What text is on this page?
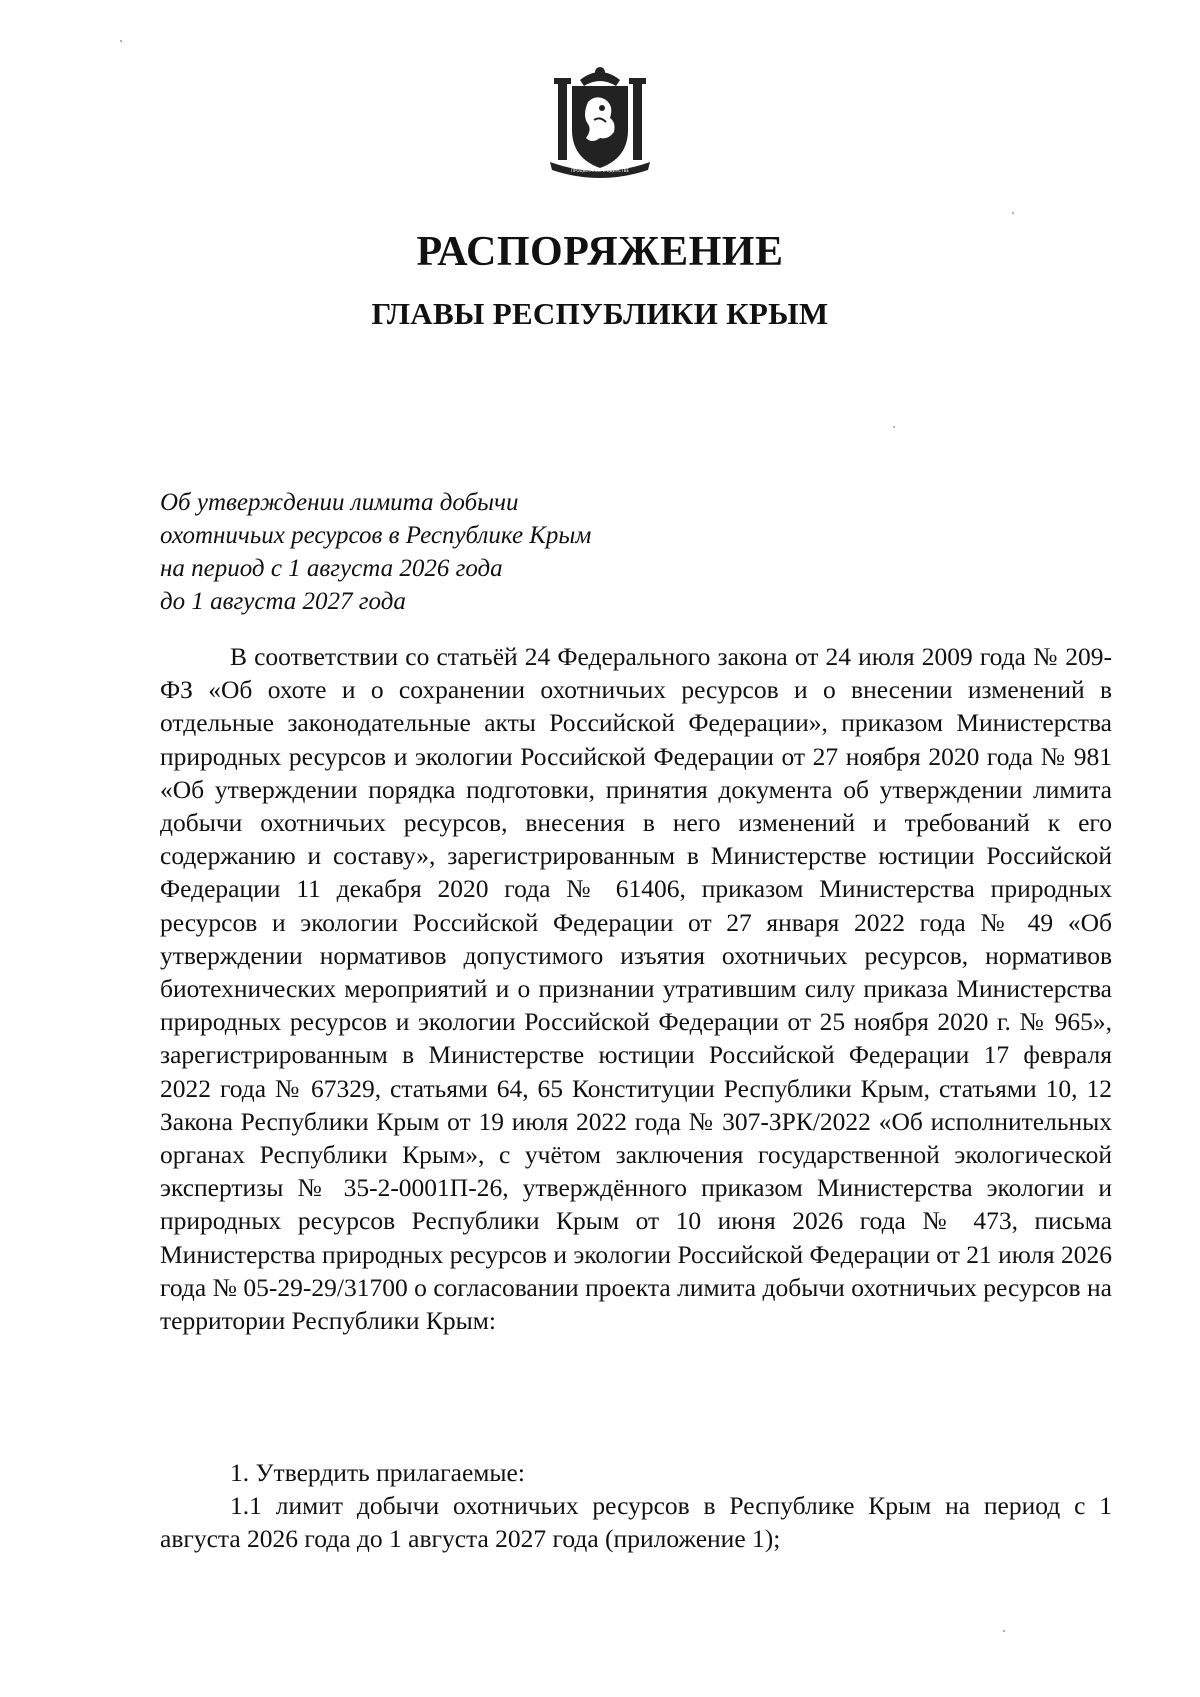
ПРОЦВЕТАНИЕ В ЕДИНСТВЕ
РАСПОРЯЖЕНИЕ
ГЛАВЫ РЕСПУБЛИКИ КРЫМ
Об утверждении лимита добычи
охотничьих ресурсов в Республике Крым
на период с 1 августа 2026 года
до 1 августа 2027 года

В соответствии со статьёй 24 Федерального закона от 24 июля 2009 года № 209-ФЗ «Об охоте и о сохранении охотничьих ресурсов и о внесении изменений в отдельные законодательные акты Российской Федерации», приказом Министерства природных ресурсов и экологии Российской Федерации от 27 ноября 2020 года № 981 «Об утверждении порядка подготовки, принятия документа об утверждении лимита добычи охотничьих ресурсов, внесения в него изменений и требований к его содержанию и составу», зарегистрированным в Министерстве юстиции Российской Федерации 11 декабря 2020 года № 61406, приказом Министерства природных ресурсов и экологии Российской Федерации от 27 января 2022 года № 49 «Об утверждении нормативов допустимого изъятия охотничьих ресурсов, нормативов биотехнических мероприятий и о признании утратившим силу приказа Министерства природных ресурсов и экологии Российской Федерации от 25 ноября 2020 г. № 965», зарегистрированным в Министерстве юстиции Российской Федерации 17 февраля 2022 года № 67329, статьями 64, 65 Конституции Республики Крым, статьями 10, 12 Закона Республики Крым от 19 июля 2022 года № 307-ЗРК/2022 «Об исполнительных органах Республики Крым», с учётом заключения государственной экологической экспертизы № 35-2-0001П-26, утверждённого приказом Министерства экологии и природных ресурсов Республики Крым от 10 июня 2026 года № 473, письма Министерства природных ресурсов и экологии Российской Федерации от 21 июля 2026 года № 05-29-29/31700 о согласовании проекта лимита добычи охотничьих ресурсов на территории Республики Крым:

1. Утвердить прилагаемые:

1.1 лимит добычи охотничьих ресурсов в Республике Крым на период с 1 августа 2026 года до 1 августа 2027 года (приложение 1);
